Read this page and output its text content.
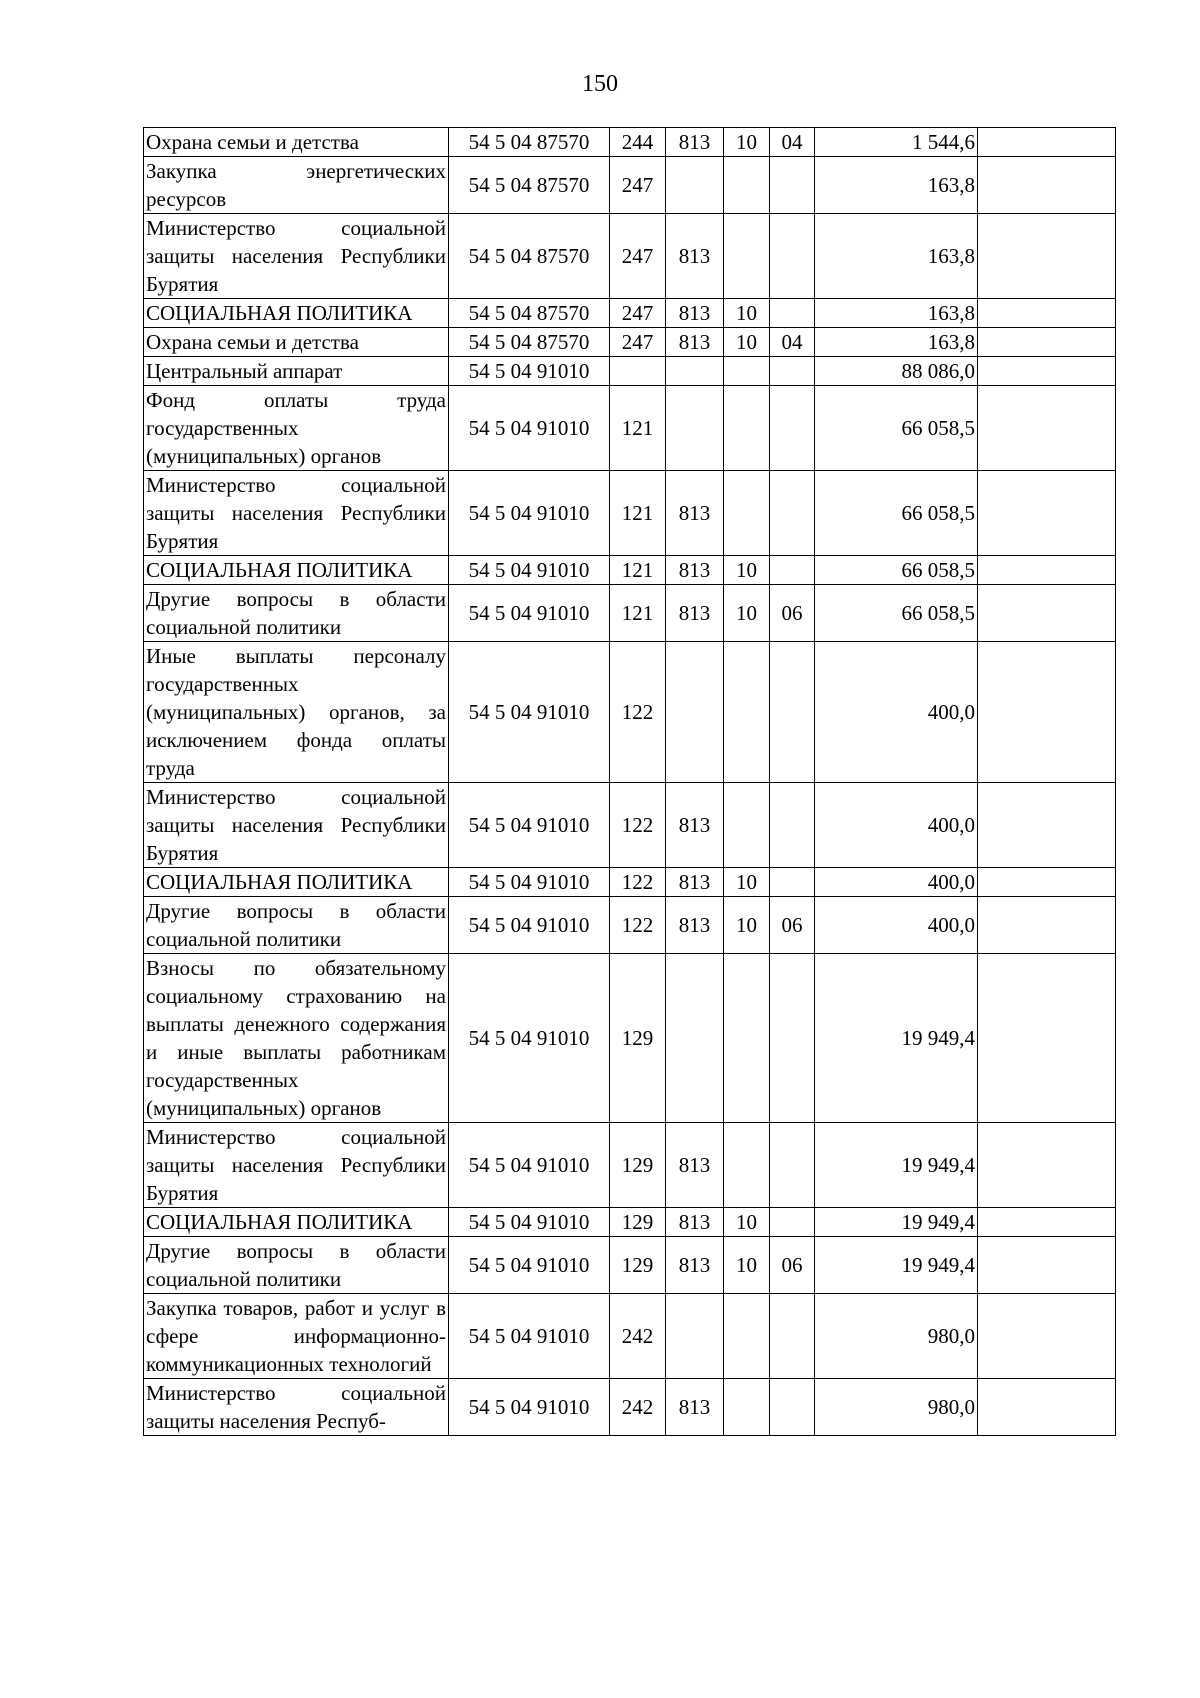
150
Охрана семьи и детства	54 5 04 87570	244	813	10	04	1 544,6	
Закупка энергетических ресурсов	54 5 04 87570	247				163,8	
Министерство социальной защиты населения Республики Бурятия	54 5 04 87570	247	813			163,8	
СОЦИАЛЬНАЯ ПОЛИТИКА	54 5 04 87570	247	813	10		163,8	
Охрана семьи и детства	54 5 04 87570	247	813	10	04	163,8	
Центральный аппарат	54 5 04 91010					88 086,0	
Фонд оплаты труда государственных (муниципальных) органов	54 5 04 91010	121				66 058,5	
Министерство социальной защиты населения Республики Бурятия	54 5 04 91010	121	813			66 058,5	
СОЦИАЛЬНАЯ ПОЛИТИКА	54 5 04 91010	121	813	10		66 058,5	
Другие вопросы в области социальной политики	54 5 04 91010	121	813	10	06	66 058,5	
Иные выплаты персоналу государственных (муниципальных) органов, за исключением фонда оплаты труда	54 5 04 91010	122				400,0	
Министерство социальной защиты населения Республики Бурятия	54 5 04 91010	122	813			400,0	
СОЦИАЛЬНАЯ ПОЛИТИКА	54 5 04 91010	122	813	10		400,0	
Другие вопросы в области социальной политики	54 5 04 91010	122	813	10	06	400,0	
Взносы по обязательному социальному страхованию на выплаты денежного содержания и иные выплаты работникам государственных (муниципальных) органов	54 5 04 91010	129				19 949,4	
Министерство социальной защиты населения Республики Бурятия	54 5 04 91010	129	813			19 949,4	
СОЦИАЛЬНАЯ ПОЛИТИКА	54 5 04 91010	129	813	10		19 949,4	
Другие вопросы в области социальной политики	54 5 04 91010	129	813	10	06	19 949,4	
Закупка товаров, работ и услуг в сфере информационно-коммуникационных технологий	54 5 04 91010	242				980,0	
Министерство социальной защиты населения Респуб-	54 5 04 91010	242	813			980,0	
